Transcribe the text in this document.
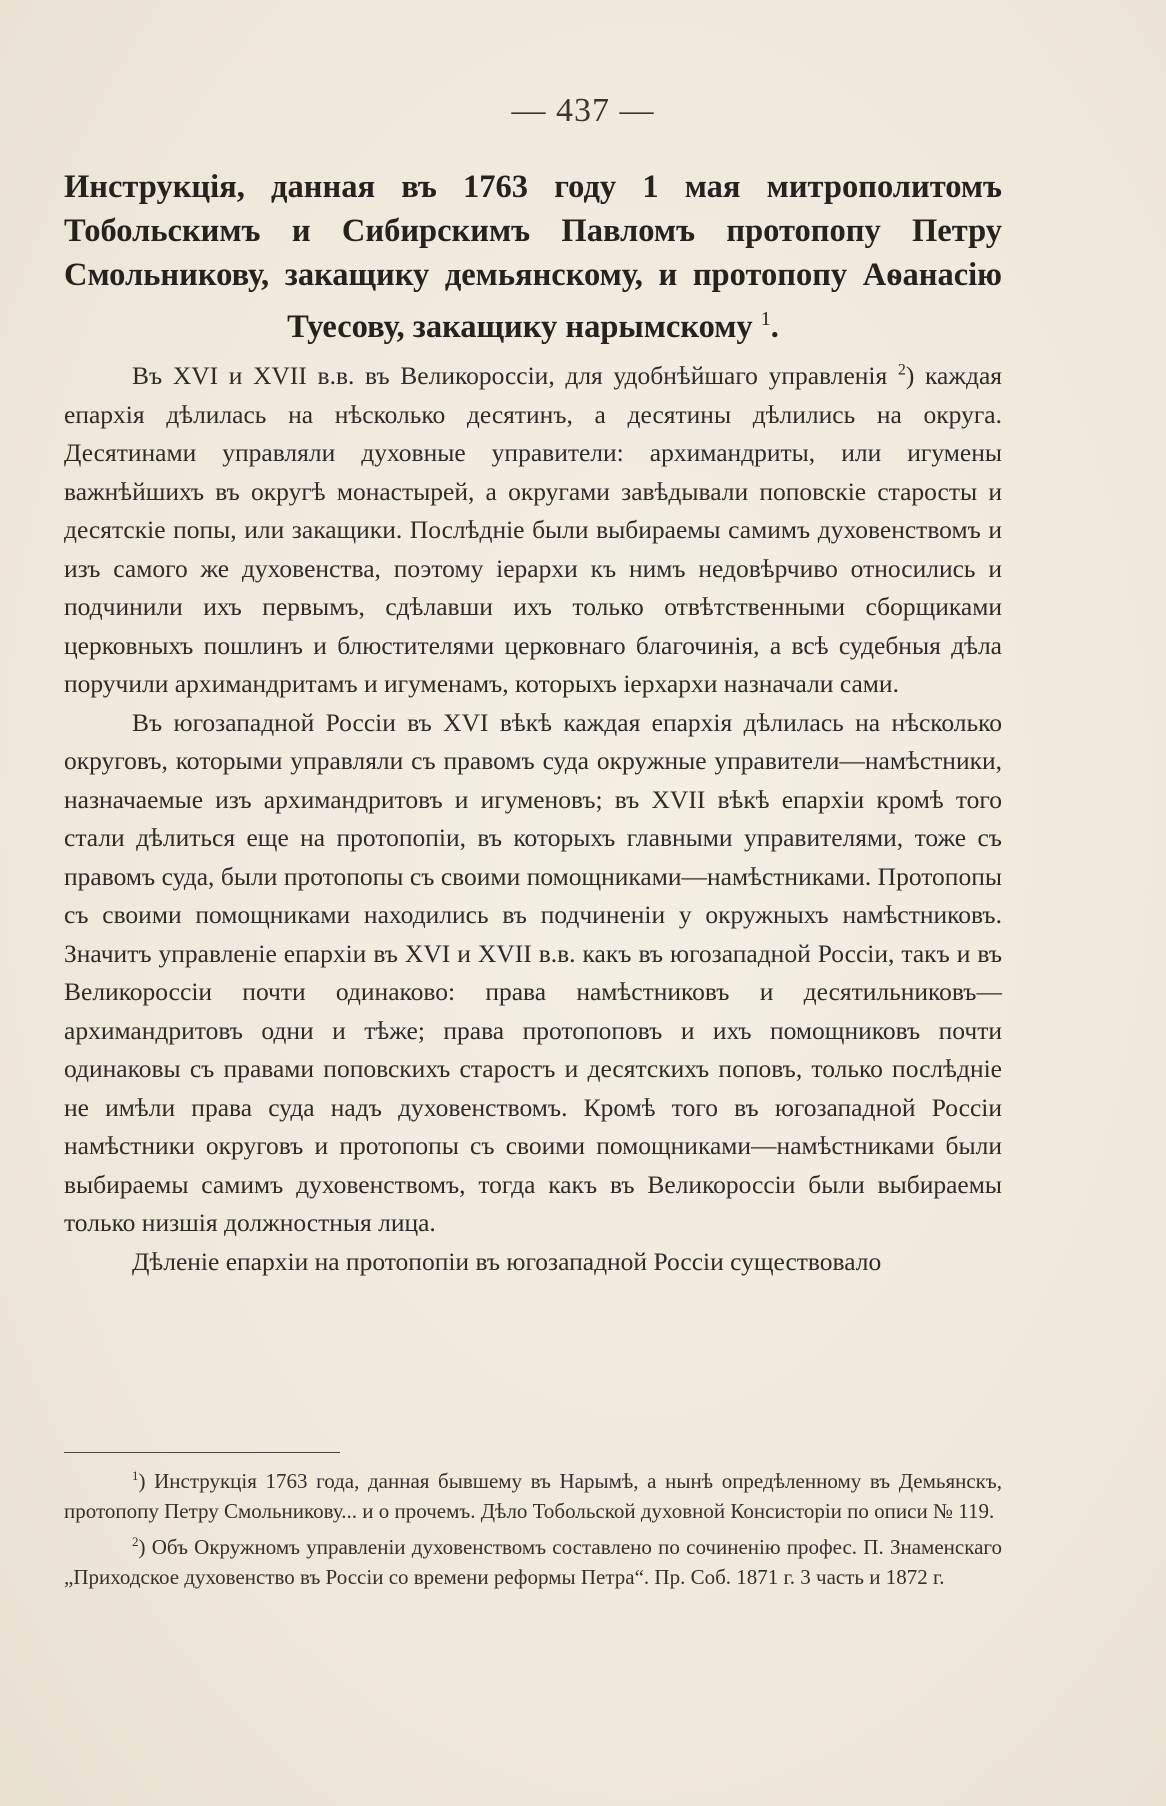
— 437 —
Инструкція, данная въ 1763 году 1 мая митрополитомъ Тобольскимъ и Сибирскимъ Павломъ протопопу Петру Смольникову, закащику демьянскому, и протопопу Аѳанасію Туесову, закащику нарымскому $^1$.

Въ XVI и XVII в.в. въ Великороссіи, для удобнѣйшаго управленія $^2$) каждая епархія дѣлилась на нѣсколько десятинъ, а десятины дѣлились на округа. Десятинами управляли духовные управители: архимандриты, или игумены важнѣйшихъ въ округѣ монастырей, а округами завѣдывали поповскіе старосты и десятскіе попы, или закащики. Послѣдніе были выбираемы самимъ духовенствомъ и изъ самого же духовенства, поэтому іерархи къ нимъ недовѣрчиво относились и подчинили ихъ первымъ, сдѣлавши ихъ только отвѣтственными сборщиками церковныхъ пошлинъ и блюстителями церковнаго благочинія, а всѣ судебныя дѣла поручили архимандритамъ и игуменамъ, которыхъ іерхархи назначали сами.

Въ югозападной Россіи въ XVI вѣкѣ каждая епархія дѣлилась на нѣсколько округовъ, которыми управляли съ правомъ суда окружные управители—намѣстники, назначаемые изъ архимандритовъ и игуменовъ; въ XVII вѣкѣ епархіи кромѣ того стали дѣлиться еще на протопопіи, въ которыхъ главными управителями, тоже съ правомъ суда, были протопопы съ своими помощниками—намѣстниками. Протопопы съ своими помощниками находились въ подчиненіи у окружныхъ намѣстниковъ. Значитъ управленіе епархіи въ XVI и XVII в.в. какъ въ югозападной Россіи, такъ и въ Великороссіи почти одинаково: права намѣстниковъ и десятильниковъ—архимандритовъ одни и тѣже; права протопоповъ и ихъ помощниковъ почти одинаковы съ правами поповскихъ старостъ и десятскихъ поповъ, только послѣдніе не имѣли права суда надъ духовенствомъ. Кромѣ того въ югозападной Россіи намѣстники округовъ и протопопы съ своими помощниками—намѣстниками были выбираемы самимъ духовенствомъ, тогда какъ въ Великороссіи были выбираемы только низшія должностныя лица.

Дѣленіе епархіи на протопопіи въ югозападной Россіи существовало

$^1$) Инструкція 1763 года, данная бывшему въ Нарымѣ, а нынѣ опредѣленному въ Демьянскъ, протопопу Петру Смольникову... и о прочемъ. Дѣло Тобольской духовной Консисторіи по описи № 119.

$^2$) Объ Окружномъ управленіи духовенствомъ составлено по сочиненію профес. П. Знаменскаго „Приходское духовенство въ Россіи со времени реформы Петра“. Пр. Соб. 1871 г. 3 часть и 1872 г.
